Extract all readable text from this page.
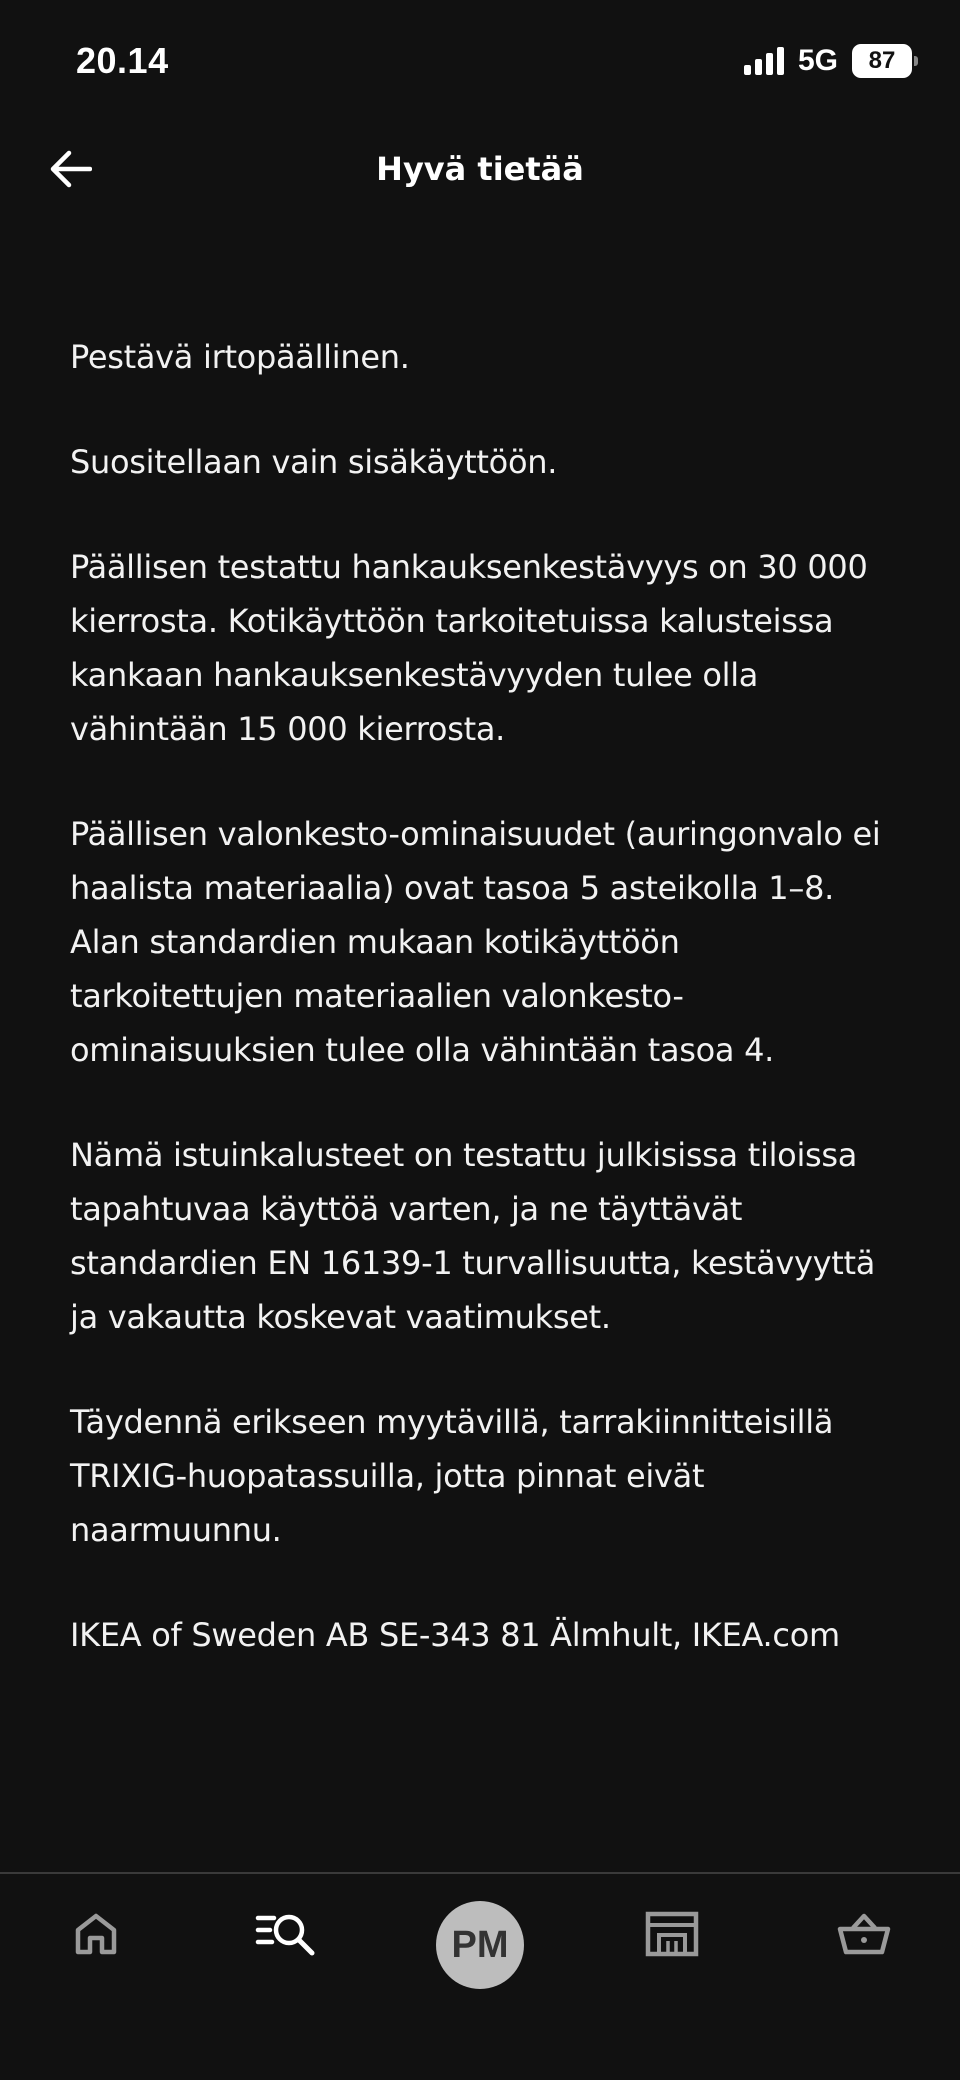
20.14	5G	87
Hyvä tietää

Pestävä irtopäällinen.

Suositellaan vain sisäkäyttöön.

Päällisen testattu hankauksenkestävyys on 30 000 kierrosta. Kotikäyttöön tarkoitetuissa kalusteissa kankaan hankauksenkestävyyden tulee olla vähintään 15 000 kierrosta.

Päällisen valonkesto-ominaisuudet (auringonvalo ei haalista materiaalia) ovat tasoa 5 asteikolla 1–8. Alan standardien mukaan kotikäyttöön tarkoitettujen materiaalien valonkesto-ominaisuuksien tulee olla vähintään tasoa 4.

Nämä istuinkalusteet on testattu julkisissa tiloissa tapahtuvaa käyttöä varten, ja ne täyttävät standardien EN 16139-1 turvallisuutta, kestävyyttä ja vakautta koskevat vaatimukset.

Täydennä erikseen myytävillä, tarrakiinnitteisillä TRIXIG-huopatassuilla, jotta pinnat eivät naarmuunnu.

IKEA of Sweden AB SE-343 81 Älmhult, IKEA.com

PM
